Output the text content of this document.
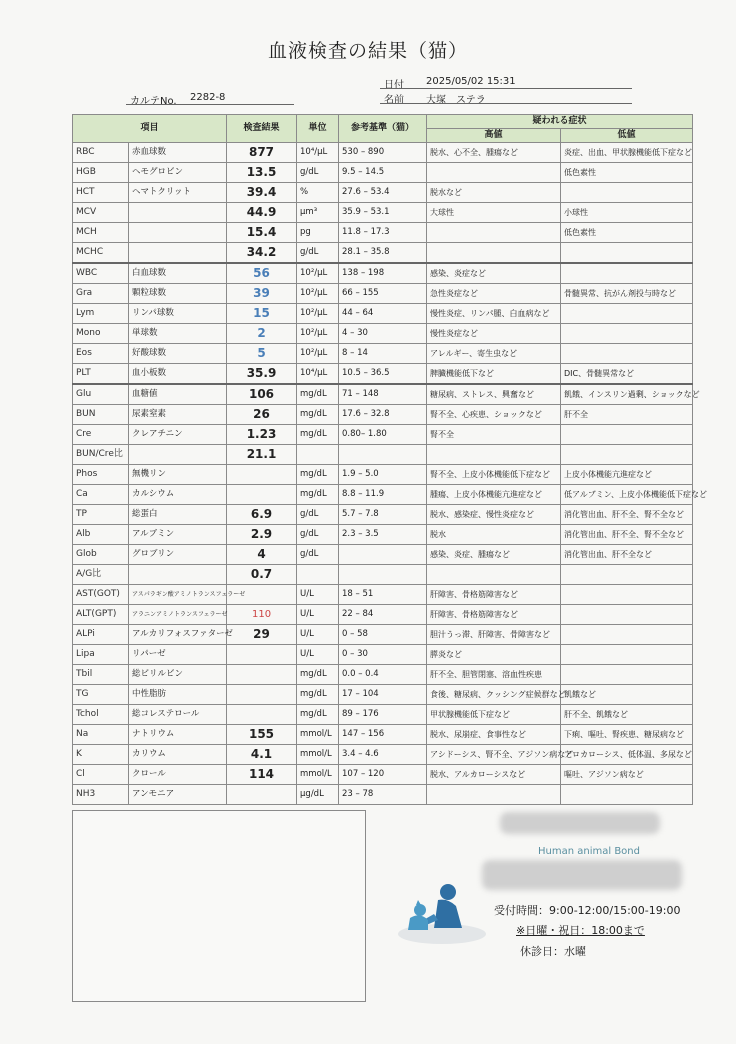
血液検査の結果（猫）
日付 2025/05/02 15:31
カルテNo. 2282-8	名前 大塚　ステラ
項目		検査結果	単位	参考基準（猫）	疑われる症状	
					高値	低値
RBC	赤血球数	877	10⁴/μL	530 – 890	脱水、心不全、腫瘍など	炎症、出血、甲状腺機能低下症など
HGB	ヘモグロビン	13.5	g/dL	9.5 – 14.5		低色素性
HCT	ヘマトクリット	39.4	%	27.6 – 53.4	脱水など	
MCV		44.9	μm³	35.9 – 53.1	大球性	小球性
MCH		15.4	pg	11.8 – 17.3		低色素性
MCHC		34.2	g/dL	28.1 – 35.8		
WBC	白血球数	56	10²/μL	138 – 198	感染、炎症など	
Gra	顆粒球数	39	10²/μL	66 – 155	急性炎症など	骨髄異常、抗がん剤投与時など
Lym	リンパ球数	15	10²/μL	44 – 64	慢性炎症、リンパ腫、白血病など	
Mono	単球数	2	10²/μL	4 – 30	慢性炎症など	
Eos	好酸球数	5	10²/μL	8 – 14	アレルギー、寄生虫など	
PLT	血小板数	35.9	10⁴/μL	10.5 – 36.5	脾臓機能低下など	DIC、骨髄異常など
Glu	血糖値	106	mg/dL	71 – 148	糖尿病、ストレス、興奮など	飢餓、インスリン過剰、ショックなど
BUN	尿素窒素	26	mg/dL	17.6 – 32.8	腎不全、心疾患、ショックなど	肝不全
Cre	クレアチニン	1.23	mg/dL	0.80– 1.80	腎不全	
BUN/Cre比		21.1				
Phos	無機リン		mg/dL	1.9 – 5.0	腎不全、上皮小体機能低下症など	上皮小体機能亢進症など
Ca	カルシウム		mg/dL	8.8 – 11.9	腫瘍、上皮小体機能亢進症など	低アルブミン、上皮小体機能低下症など
TP	総蛋白	6.9	g/dL	5.7 – 7.8	脱水、感染症、慢性炎症など	消化管出血、肝不全、腎不全など
Alb	アルブミン	2.9	g/dL	2.3 – 3.5	脱水	消化管出血、肝不全、腎不全など
Glob	グロブリン	4	g/dL		感染、炎症、腫瘍など	消化管出血、肝不全など
A/G比		0.7				
AST(GOT)	アスパラギン酸アミノトランスフェラーゼ		U/L	18 – 51	肝障害、骨格筋障害など	
ALT(GPT)	アラニンアミノトランスフェラーゼ	110	U/L	22 – 84	肝障害、骨格筋障害など	
ALPi	アルカリフォスファターゼ	29	U/L	0 – 58	胆汁うっ滞、肝障害、骨障害など	
Lipa	リパーゼ		U/L	0 – 30	膵炎など	
Tbil	総ビリルビン		mg/dL	0.0 – 0.4	肝不全、胆管閉塞、溶血性疾患	
TG	中性脂肪		mg/dL	17 – 104	食後、糖尿病、クッシング症候群など	飢餓など
Tchol	総コレステロール		mg/dL	89 – 176	甲状腺機能低下症など	肝不全、飢餓など
Na	ナトリウム	155	mmol/L	147 – 156	脱水、尿崩症、食事性など	下痢、嘔吐、腎疾患、糖尿病など
K	カリウム	4.1	mmol/L	3.4 – 4.6	アシドーシス、腎不全、アジソン病など	アロカローシス、低体温、多尿など
Cl	クロール	114	mmol/L	107 – 120	脱水、アルカローシスなど	嘔吐、アジソン病など
NH3	アンモニア		μg/dL	23 – 78		
Human animal Bond
受付時間：9:00-12:00/15:00-19:00
※日曜・祝日：18:00まで
休診日：水曜
